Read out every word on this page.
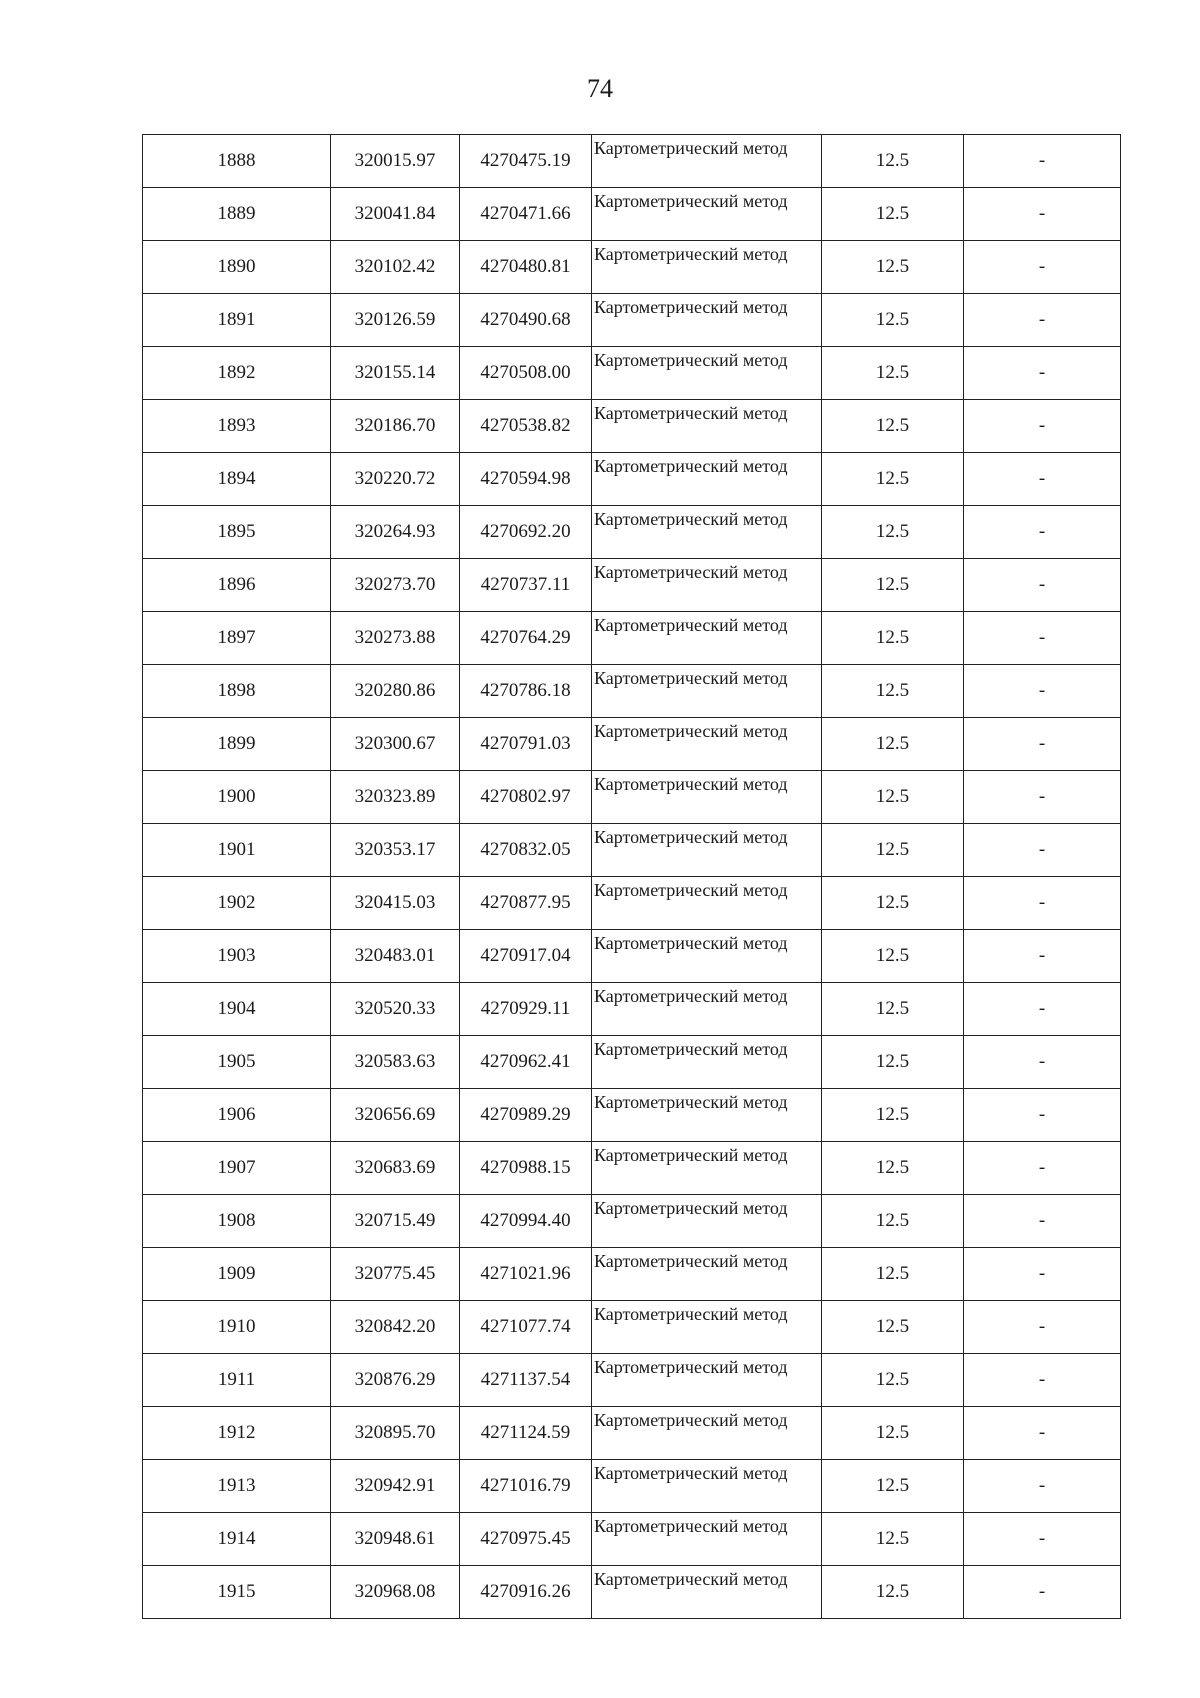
74
1888	320015.97	4270475.19	Картометрический метод	12.5	-
1889	320041.84	4270471.66	Картометрический метод	12.5	-
1890	320102.42	4270480.81	Картометрический метод	12.5	-
1891	320126.59	4270490.68	Картометрический метод	12.5	-
1892	320155.14	4270508.00	Картометрический метод	12.5	-
1893	320186.70	4270538.82	Картометрический метод	12.5	-
1894	320220.72	4270594.98	Картометрический метод	12.5	-
1895	320264.93	4270692.20	Картометрический метод	12.5	-
1896	320273.70	4270737.11	Картометрический метод	12.5	-
1897	320273.88	4270764.29	Картометрический метод	12.5	-
1898	320280.86	4270786.18	Картометрический метод	12.5	-
1899	320300.67	4270791.03	Картометрический метод	12.5	-
1900	320323.89	4270802.97	Картометрический метод	12.5	-
1901	320353.17	4270832.05	Картометрический метод	12.5	-
1902	320415.03	4270877.95	Картометрический метод	12.5	-
1903	320483.01	4270917.04	Картометрический метод	12.5	-
1904	320520.33	4270929.11	Картометрический метод	12.5	-
1905	320583.63	4270962.41	Картометрический метод	12.5	-
1906	320656.69	4270989.29	Картометрический метод	12.5	-
1907	320683.69	4270988.15	Картометрический метод	12.5	-
1908	320715.49	4270994.40	Картометрический метод	12.5	-
1909	320775.45	4271021.96	Картометрический метод	12.5	-
1910	320842.20	4271077.74	Картометрический метод	12.5	-
1911	320876.29	4271137.54	Картометрический метод	12.5	-
1912	320895.70	4271124.59	Картометрический метод	12.5	-
1913	320942.91	4271016.79	Картометрический метод	12.5	-
1914	320948.61	4270975.45	Картометрический метод	12.5	-
1915	320968.08	4270916.26	Картометрический метод	12.5	-
